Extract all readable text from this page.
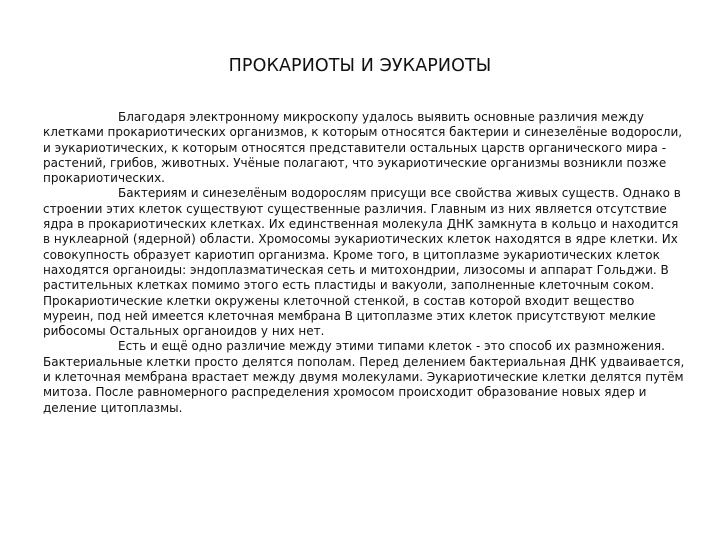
ПРОКАРИОТЫ И ЭУКАРИОТЫ

Благодаря электронному микроскопу удалось выявить основные различия между клетками прокариотических организмов, к которым относятся бактерии и синезелёные водоросли, и эукариотических, к которым относятся представители остальных царств органического мира - растений, грибов, животных. Учёные полагают, что эукариотические организмы возникли позже прокариотических.

Бактериям и синезелёным водорослям присущи все свойства живых существ. Однако в строении этих клеток существуют существенные различия. Главным из них является отсутствие ядра в прокариотических клетках. Их единственная молекула ДНК замкнута в кольцо и находится в нуклеарной (ядерной) области. Хромосомы эукариотических клеток находятся в ядре клетки. Их совокупность образует кариотип организма. Кроме того, в цитоплазме эукариотических клеток находятся органоиды: эндоплазматическая сеть и митохондрии, лизосомы и аппарат Гольджи. В растительных клетках помимо этого есть пластиды и вакуоли, заполненные клеточным соком. Прокариотические клетки окружены клеточной стенкой, в состав которой входит вещество муреин, под ней имеется клеточная мембрана В цитоплазме этих клеток присутствуют мелкие рибосомы Остальных органоидов у них нет.

Есть и ещё одно различие между этими типами клеток - это способ их размножения. Бактериальные клетки просто делятся пополам. Перед делением бактериальная ДНК удваивается, и клеточная мембрана врастает между двумя молекулами. Эукариотические клетки делятся путём митоза. После равномерного распределения хромосом происходит образование новых ядер и деление цитоплазмы.
